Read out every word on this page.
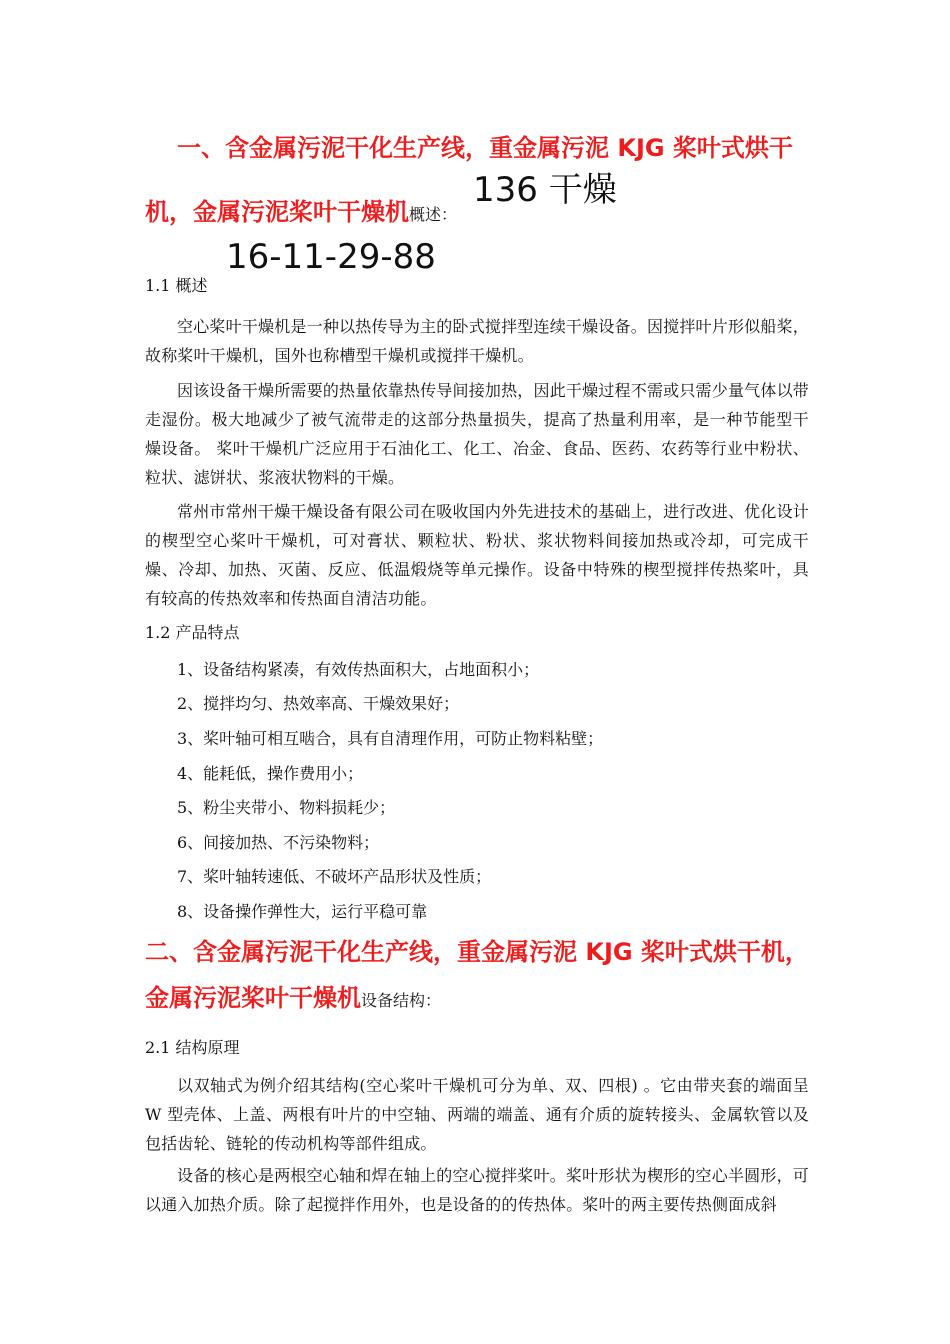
一、含金属污泥干化生产线，重金属污泥 KJG 桨叶式烘干
机，金属污泥桨叶干燥机概述：
136 干燥
16-11-29-88
1.1 概述
空心桨叶干燥机是一种以热传导为主的卧式搅拌型连续干燥设备。因搅拌叶片形似船桨，故称桨叶干燥机，国外也称槽型干燥机或搅拌干燥机。
因该设备干燥所需要的热量依靠热传导间接加热，因此干燥过程不需或只需少量气体以带走湿份。极大地减少了被气流带走的这部分热量损失，提高了热量利用率，是一种节能型干燥设备。 桨叶干燥机广泛应用于石油化工、化工、冶金、食品、医药、农药等行业中粉状、粒状、滤饼状、浆液状物料的干燥。
常州市常州干燥干燥设备有限公司在吸收国内外先进技术的基础上，进行改进、优化设计的楔型空心桨叶干燥机，可对膏状、颗粒状、粉状、浆状物料间接加热或冷却，可完成干燥、冷却、加热、灭菌、反应、低温煅烧等单元操作。设备中特殊的楔型搅拌传热桨叶，具有较高的传热效率和传热面自清洁功能。
1.2 产品特点
1、设备结构紧凑，有效传热面积大，占地面积小；
2、搅拌均匀、热效率高、干燥效果好；
3、桨叶轴可相互啮合，具有自清理作用，可防止物料粘壁；
4、能耗低，操作费用小；
5、粉尘夹带小、物料损耗少；
6、间接加热、不污染物料；
7、桨叶轴转速低、不破坏产品形状及性质；
8、设备操作弹性大，运行平稳可靠
二、含金属污泥干化生产线，重金属污泥 KJG 桨叶式烘干机，
金属污泥桨叶干燥机设备结构：
2.1 结构原理
以双轴式为例介绍其结构(空心桨叶干燥机可分为单、双、四根) 。它由带夹套的端面呈 W 型壳体、上盖、两根有叶片的中空轴、两端的端盖、通有介质的旋转接头、金属软管以及包括齿轮、链轮的传动机构等部件组成。
设备的核心是两根空心轴和焊在轴上的空心搅拌桨叶。桨叶形状为楔形的空心半圆形，可以通入加热介质。除了起搅拌作用外，也是设备的的传热体。桨叶的两主要传热侧面成斜
